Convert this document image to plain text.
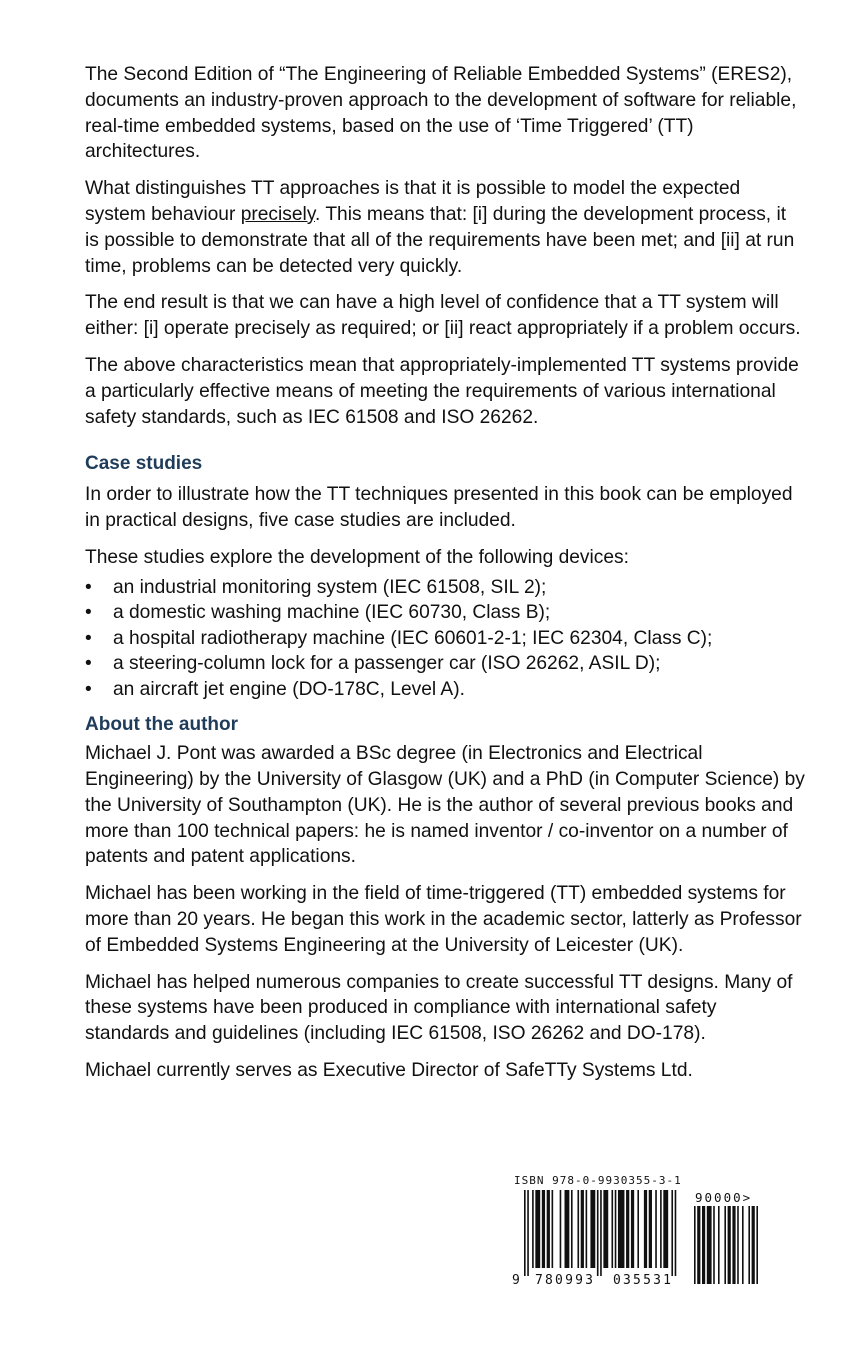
The Second Edition of “The Engineering of Reliable Embedded Systems” (ERES2), documents an industry-proven approach to the development of software for reliable, real-time embedded systems, based on the use of ‘Time Triggered’ (TT) architectures.

What distinguishes TT approaches is that it is possible to model the expected system behaviour precisely. This means that: [i] during the development process, it is possible to demonstrate that all of the requirements have been met; and [ii] at run time, problems can be detected very quickly.

The end result is that we can have a high level of confidence that a TT system will either: [i] operate precisely as required; or [ii] react appropriately if a problem occurs.

The above characteristics mean that appropriately-implemented TT systems provide a particularly effective means of meeting the requirements of various international safety standards, such as IEC 61508 and ISO 26262.

Case studies

In order to illustrate how the TT techniques presented in this book can be employed in practical designs, five case studies are included.

These studies explore the development of the following devices:

• an industrial monitoring system (IEC 61508, SIL 2);
• a domestic washing machine (IEC 60730, Class B);
• a hospital radiotherapy machine (IEC 60601-2-1; IEC 62304, Class C);
• a steering-column lock for a passenger car (ISO 26262, ASIL D);
• an aircraft jet engine (DO-178C, Level A).
About the author

Michael J. Pont was awarded a BSc degree (in Electronics and Electrical Engineering) by the University of Glasgow (UK) and a PhD (in Computer Science) by the University of Southampton (UK). He is the author of several previous books and more than 100 technical papers: he is named inventor / co-inventor on a number of patents and patent applications.

Michael has been working in the field of time-triggered (TT) embedded systems for more than 20 years. He began this work in the academic sector, latterly as Professor of Embedded Systems Engineering at the University of Leicester (UK).

Michael has helped numerous companies to create successful TT designs. Many of these systems have been produced in compliance with international safety standards and guidelines (including IEC 61508, ISO 26262 and DO-178).

Michael currently serves as Executive Director of SafeTTy Systems Ltd.

ISBN 978-0-9930355-3-1
90000>
9 780993 035531
